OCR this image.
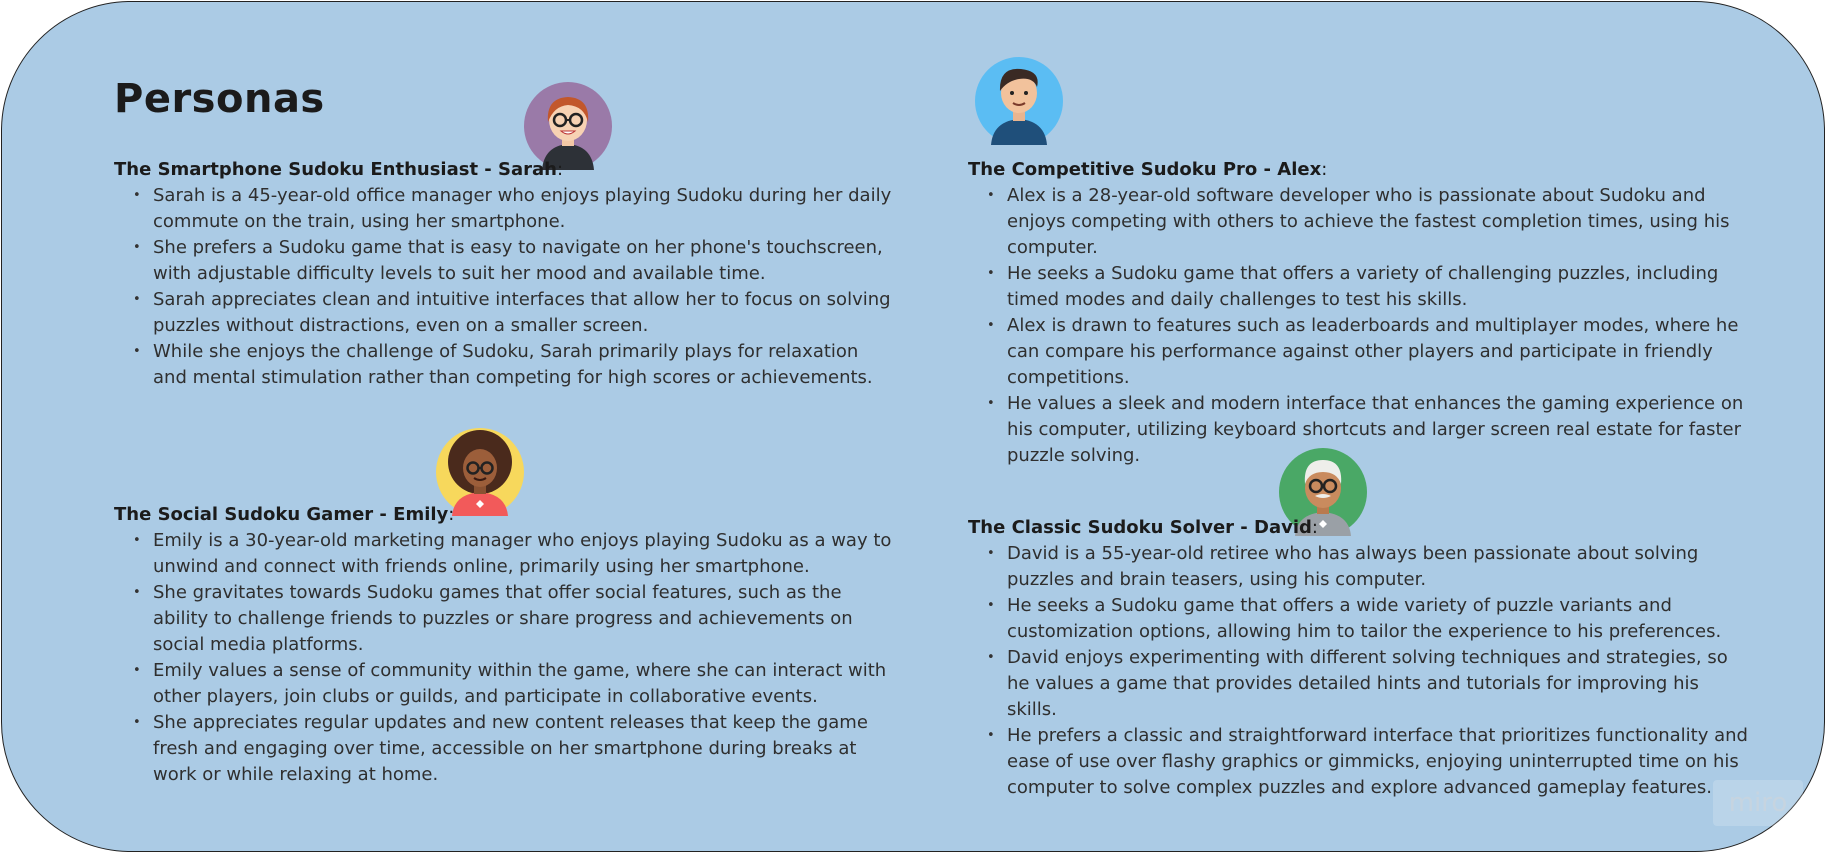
Personas
The Smartphone Sudoku Enthusiast - Sarah:
• Sarah is a 45-year-old office manager who enjoys playing Sudoku during her daily commute on the train, using her smartphone.
• She prefers a Sudoku game that is easy to navigate on her phone's touchscreen, with adjustable difficulty levels to suit her mood and available time.
• Sarah appreciates clean and intuitive interfaces that allow her to focus on solving puzzles without distractions, even on a smaller screen.
• While she enjoys the challenge of Sudoku, Sarah primarily plays for relaxation and mental stimulation rather than competing for high scores or achievements.
The Competitive Sudoku Pro - Alex:
• Alex is a 28-year-old software developer who is passionate about Sudoku and enjoys competing with others to achieve the fastest completion times, using his computer.
• He seeks a Sudoku game that offers a variety of challenging puzzles, including timed modes and daily challenges to test his skills.
• Alex is drawn to features such as leaderboards and multiplayer modes, where he can compare his performance against other players and participate in friendly competitions.
• He values a sleek and modern interface that enhances the gaming experience on his computer, utilizing keyboard shortcuts and larger screen real estate for faster puzzle solving.
The Social Sudoku Gamer - Emily:
• Emily is a 30-year-old marketing manager who enjoys playing Sudoku as a way to unwind and connect with friends online, primarily using her smartphone.
• She gravitates towards Sudoku games that offer social features, such as the ability to challenge friends to puzzles or share progress and achievements on social media platforms.
• Emily values a sense of community within the game, where she can interact with other players, join clubs or guilds, and participate in collaborative events.
• She appreciates regular updates and new content releases that keep the game fresh and engaging over time, accessible on her smartphone during breaks at work or while relaxing at home.
The Classic Sudoku Solver - David:
• David is a 55-year-old retiree who has always been passionate about solving puzzles and brain teasers, using his computer.
• He seeks a Sudoku game that offers a wide variety of puzzle variants and customization options, allowing him to tailor the experience to his preferences.
• David enjoys experimenting with different solving techniques and strategies, so he values a game that provides detailed hints and tutorials for improving his skills.
• He prefers a classic and straightforward interface that prioritizes functionality and ease of use over flashy graphics or gimmicks, enjoying uninterrupted time on his computer to solve complex puzzles and explore advanced gameplay features.
miro
